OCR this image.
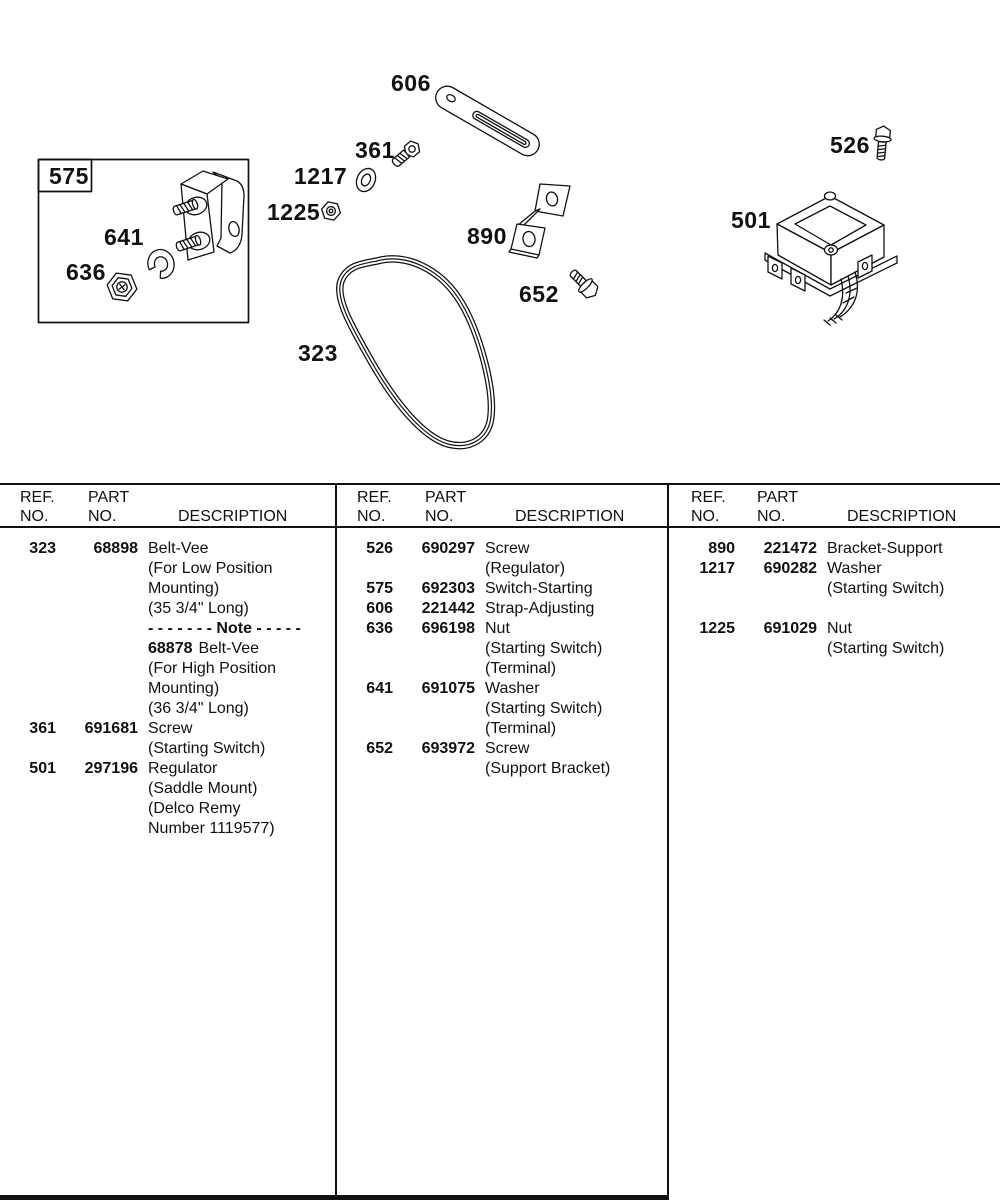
606
361
1217
1225
575
641
636
890
652
323
526
501
REF.
NO.
PART
NO.	DESCRIPTION
323	68898 Belt-Vee
(For Low Position
Mounting)
(35 3/4" Long)
- - - - - - - Note - - - - -
68878 Belt-Vee
(For High Position
Mounting)
(36 3/4" Long)
361 691681 Screw
(Starting Switch)
501 297196 Regulator
(Saddle Mount)
(Delco Remy
Number 1119577)
REF.
NO.
PART
NO.	DESCRIPTION
526 690297 Screw
(Regulator)
575 692303 Switch-Starting
606 221442 Strap-Adjusting
636 696198 Nut
(Starting Switch)
(Terminal)
641 691075 Washer
(Starting Switch)
(Terminal)
652 693972 Screw
(Support Bracket)
REF.
NO.
PART
NO.	DESCRIPTION
890 221472 Bracket-Support
1217 690282 Washer
(Starting Switch)
1225 691029 Nut
(Starting Switch)
